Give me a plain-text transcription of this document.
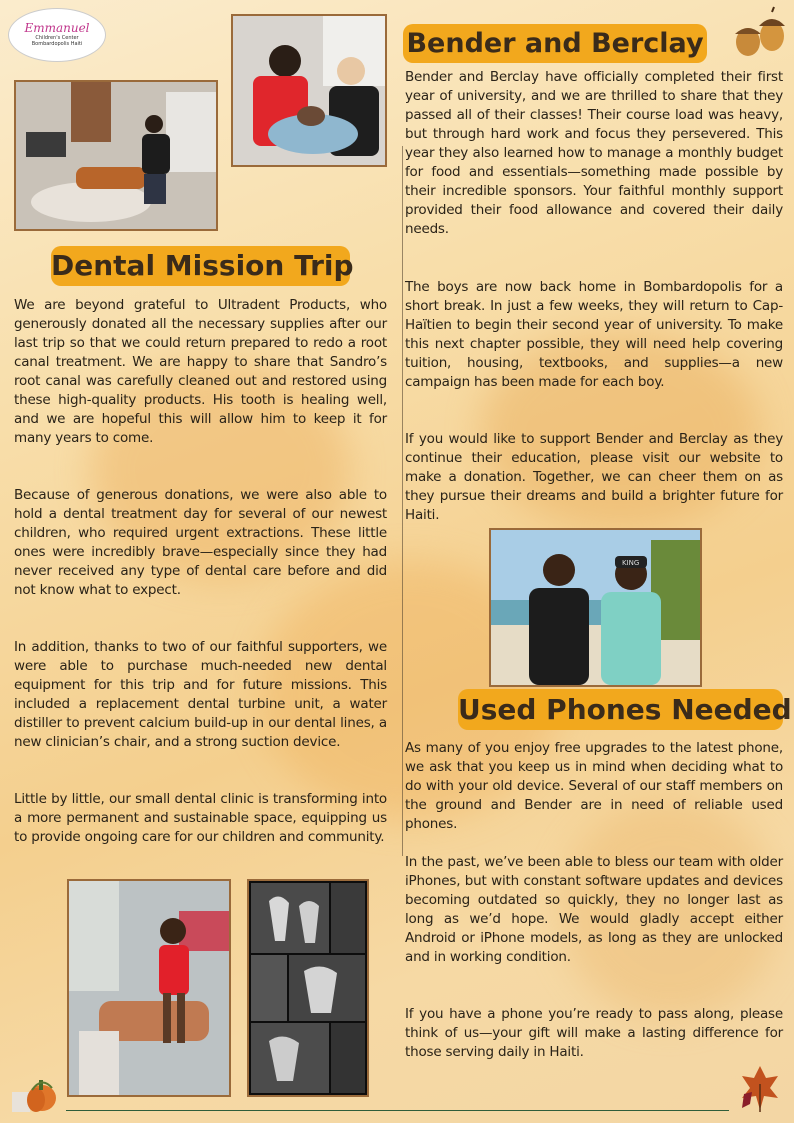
Emmanuel
Children's Center
Bombardopolis Haiti	Bender and Berclay

Bender and Berclay have officially completed their first year of university, and we are thrilled to share that they passed all of their classes! Their course load was heavy, but through hard work and focus they persevered. This year they also learned how to manage a monthly budget for food and essentials—something made possible by their incredible sponsors. Your faithful monthly support provided their food allowance and covered their daily needs.

The boys are now back home in Bombardopolis for a short break. In just a few weeks, they will return to Cap-Haïtien to begin their second year of university. To make this next chapter possible, they will need help covering tuition, housing, textbooks, and supplies—a new campaign has been made for each boy.

If you would like to support Bender and Berclay as they continue their education, please visit our website to make a donation. Together, we can cheer them on as they pursue their dreams and build a brighter future for Haiti.

Dental Mission Trip

We are beyond grateful to Ultradent Products, who generously donated all the necessary supplies after our last trip so that we could return prepared to redo a root canal treatment. We are happy to share that Sandro’s root canal was carefully cleaned out and restored using these high-quality products. His tooth is healing well, and we are hopeful this will allow him to keep it for many years to come.

Because of generous donations, we were also able to hold a dental treatment day for several of our newest children, who required urgent extractions. These little ones were incredibly brave—especially since they had never received any type of dental care before and did not know what to expect.

In addition, thanks to two of our faithful supporters, we were able to purchase much-needed new dental equipment for this trip and for future missions. This included a replacement dental turbine unit, a water distiller to prevent calcium build-up in our dental lines, a new clinician’s chair, and a strong suction device.

Little by little, our small dental clinic is transforming into a more permanent and sustainable space, equipping us to provide ongoing care for our children and community.

KING
Used Phones Needed

As many of you enjoy free upgrades to the latest phone, we ask that you keep us in mind when deciding what to do with your old device. Several of our staff members on the ground and Bender are in need of reliable used phones.

In the past, we’ve been able to bless our team with older iPhones, but with constant software updates and devices becoming outdated so quickly, they no longer last as long as we’d hope. We would gladly accept either Android or iPhone models, as long as they are unlocked and in working condition.

If you have a phone you’re ready to pass along, please think of us—your gift will make a lasting difference for those serving daily in Haiti.
